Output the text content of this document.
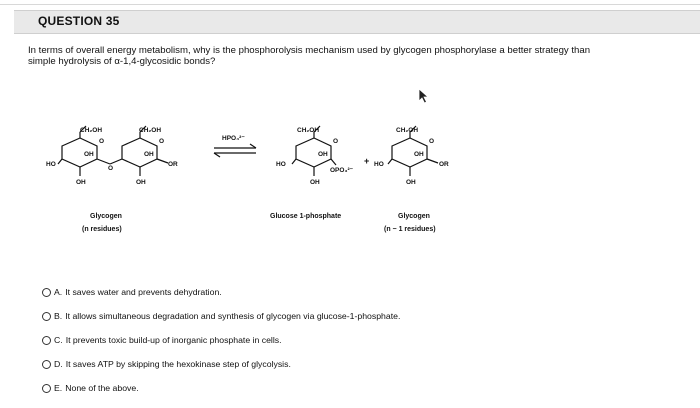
QUESTION 35
In terms of overall energy metabolism, why is the phosphorolysis mechanism used by glycogen phosphorylase a better strategy than
simple hydrolysis of α-1,4-glycosidic bonds?
O	O	O	O
O
CH₂OH	CH₂OH
OH	OH
HO
OH	OH
OR
HPO₄²⁻
CH₂OH
OH
HO
OPO₃²⁻
OH
+
CH₂OH
OH
HO	OR
OH
Glycogen
(n residues)
Glucose 1-phosphate	Glycogen
(n − 1 residues)
A. It saves water and prevents dehydration.
B. It allows simultaneous degradation and synthesis of glycogen via glucose-1-phosphate.
C. It prevents toxic build-up of inorganic phosphate in cells.
D. It saves ATP by skipping the hexokinase step of glycolysis.
E. None of the above.
